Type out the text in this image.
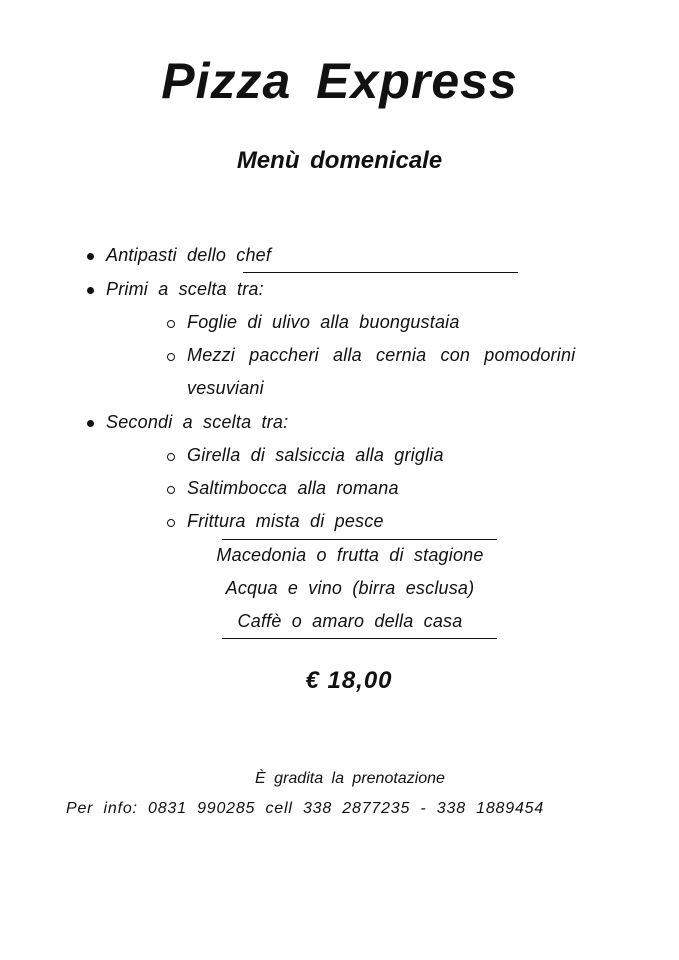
Pizza Express
Menù domenicale
Antipasti dello chef
Primi a scelta tra:
Foglie di ulivo alla buongustaia
Mezzi paccheri alla cernia con pomodorini
vesuviani
Secondi a scelta tra:
Girella di salsiccia alla griglia
Saltimbocca alla romana
Frittura mista di pesce
Macedonia o frutta di stagione
Acqua e vino (birra esclusa)
Caffè o amaro della casa
€ 18,00
È gradita la prenotazione
Per info: 0831 990285 cell 338 2877235 - 338 1889454
